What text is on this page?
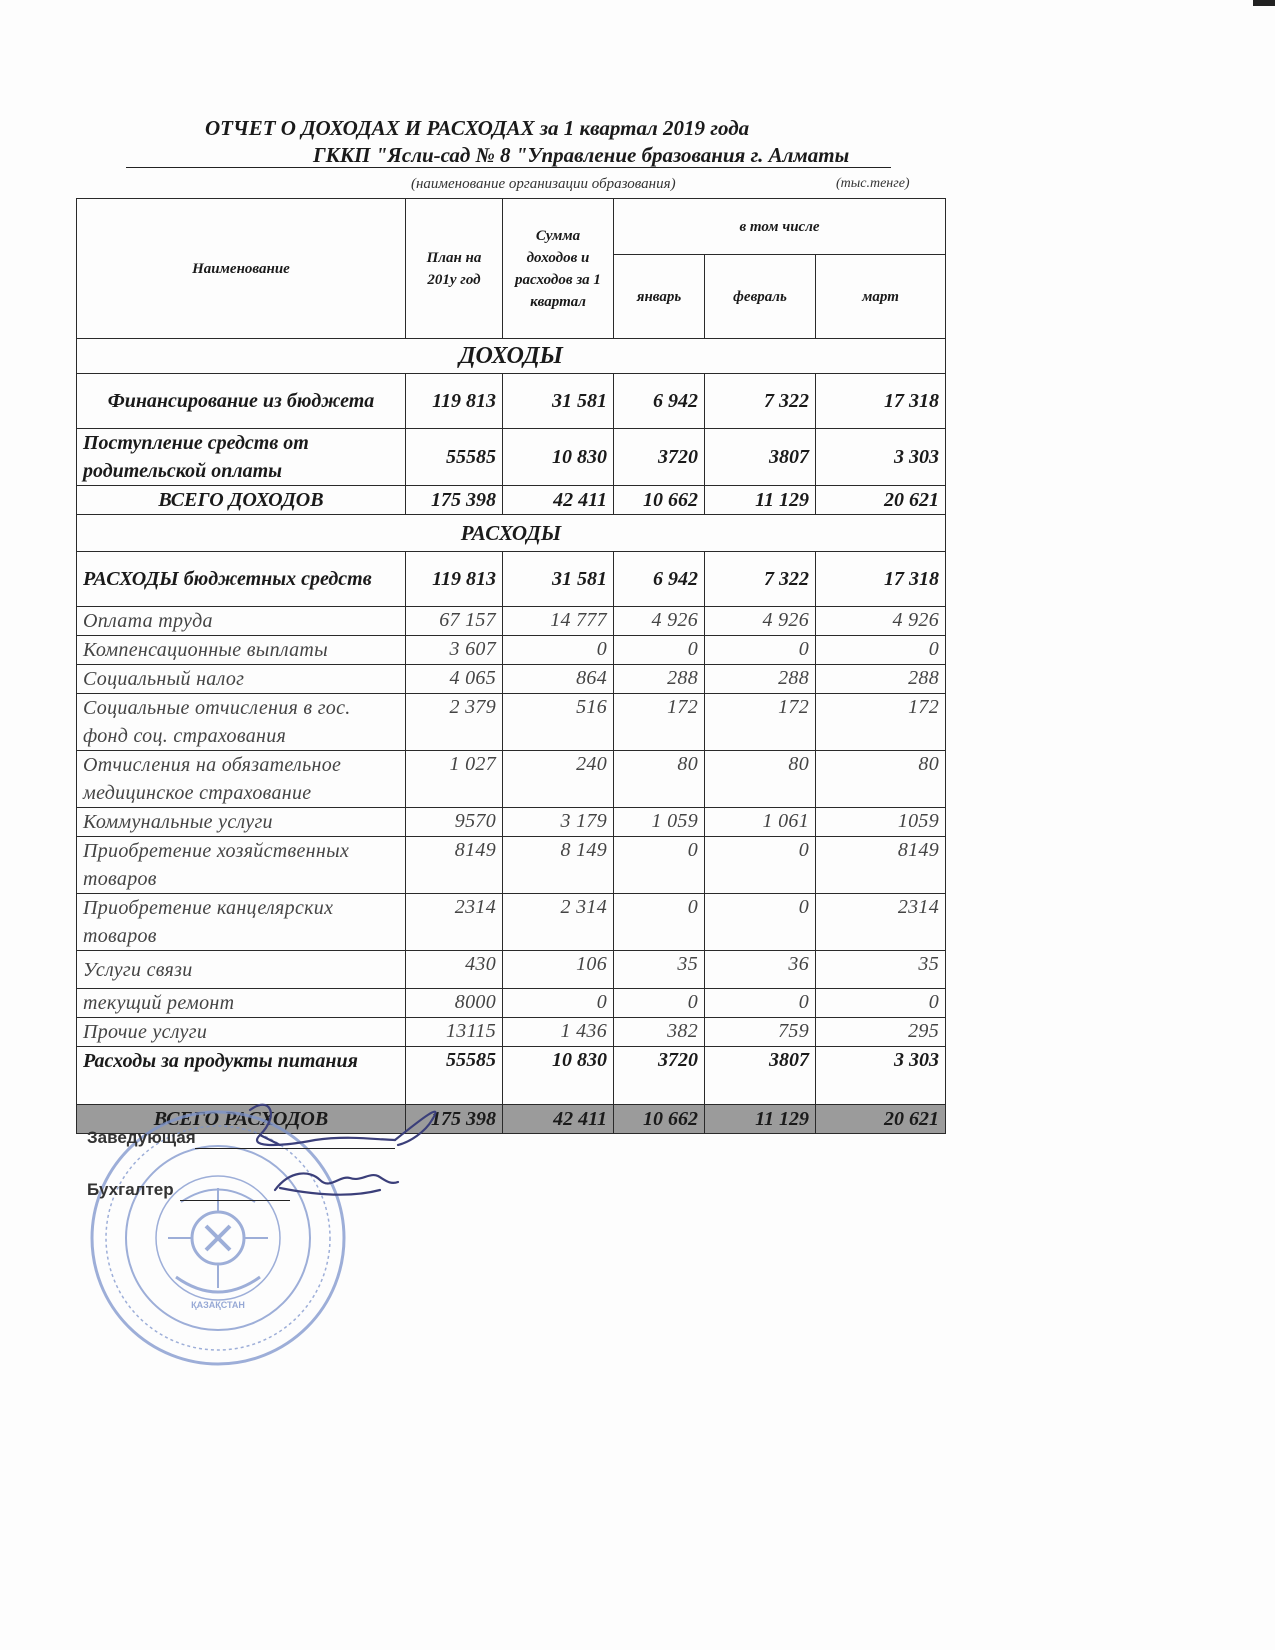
ОТЧЕТ О ДОХОДАХ И РАСХОДАХ за 1 квартал 2019 года
ГККП "Ясли-сад № 8 "Управление бразования г. Алматы
(наименование организации образования)	(тыс.тенге)
Наименование	План на 201у год	Сумма доходов и расходов за 1 квартал	в том числе		
			январь	февраль	март
ДОХОДЫ					
Финансирование из бюджета	119 813	31 581	6 942	7 322	17 318
Поступление средств от родительской оплаты	55585	10 830	3720	3807	3 303
ВСЕГО ДОХОДОВ	175 398	42 411	10 662	11 129	20 621
РАСХОДЫ					
РАСХОДЫ бюджетных средств	119 813	31 581	6 942	7 322	17 318
Оплата труда	67 157	14 777	4 926	4 926	4 926
Компенсационные выплаты	3 607	0	0	0	0
Социальный налог	4 065	864	288	288	288
Социальные отчисления в гос. фонд соц. страхования	2 379	516	172	172	172
Отчисления на обязательное медицинское страхование	1 027	240	80	80	80
Коммунальные услуги	9570	3 179	1 059	1 061	1059
Приобретение хозяйственных товаров	8149	8 149	0	0	8149
Приобретение канцелярских товаров	2314	2 314	0	0	2314
Услуги связи	430	106	35	36	35
текущий ремонт	8000	0	0	0	0
Прочие услуги	13115	1 436	382	759	295
Расходы за продукты питания	55585	10 830	3720	3807	3 303
ВСЕГО РАСХОДОВ	175 398	42 411	10 662	11 129	20 621
ҚАЗАҚСТАН
Заведующая
Бухгалтер
